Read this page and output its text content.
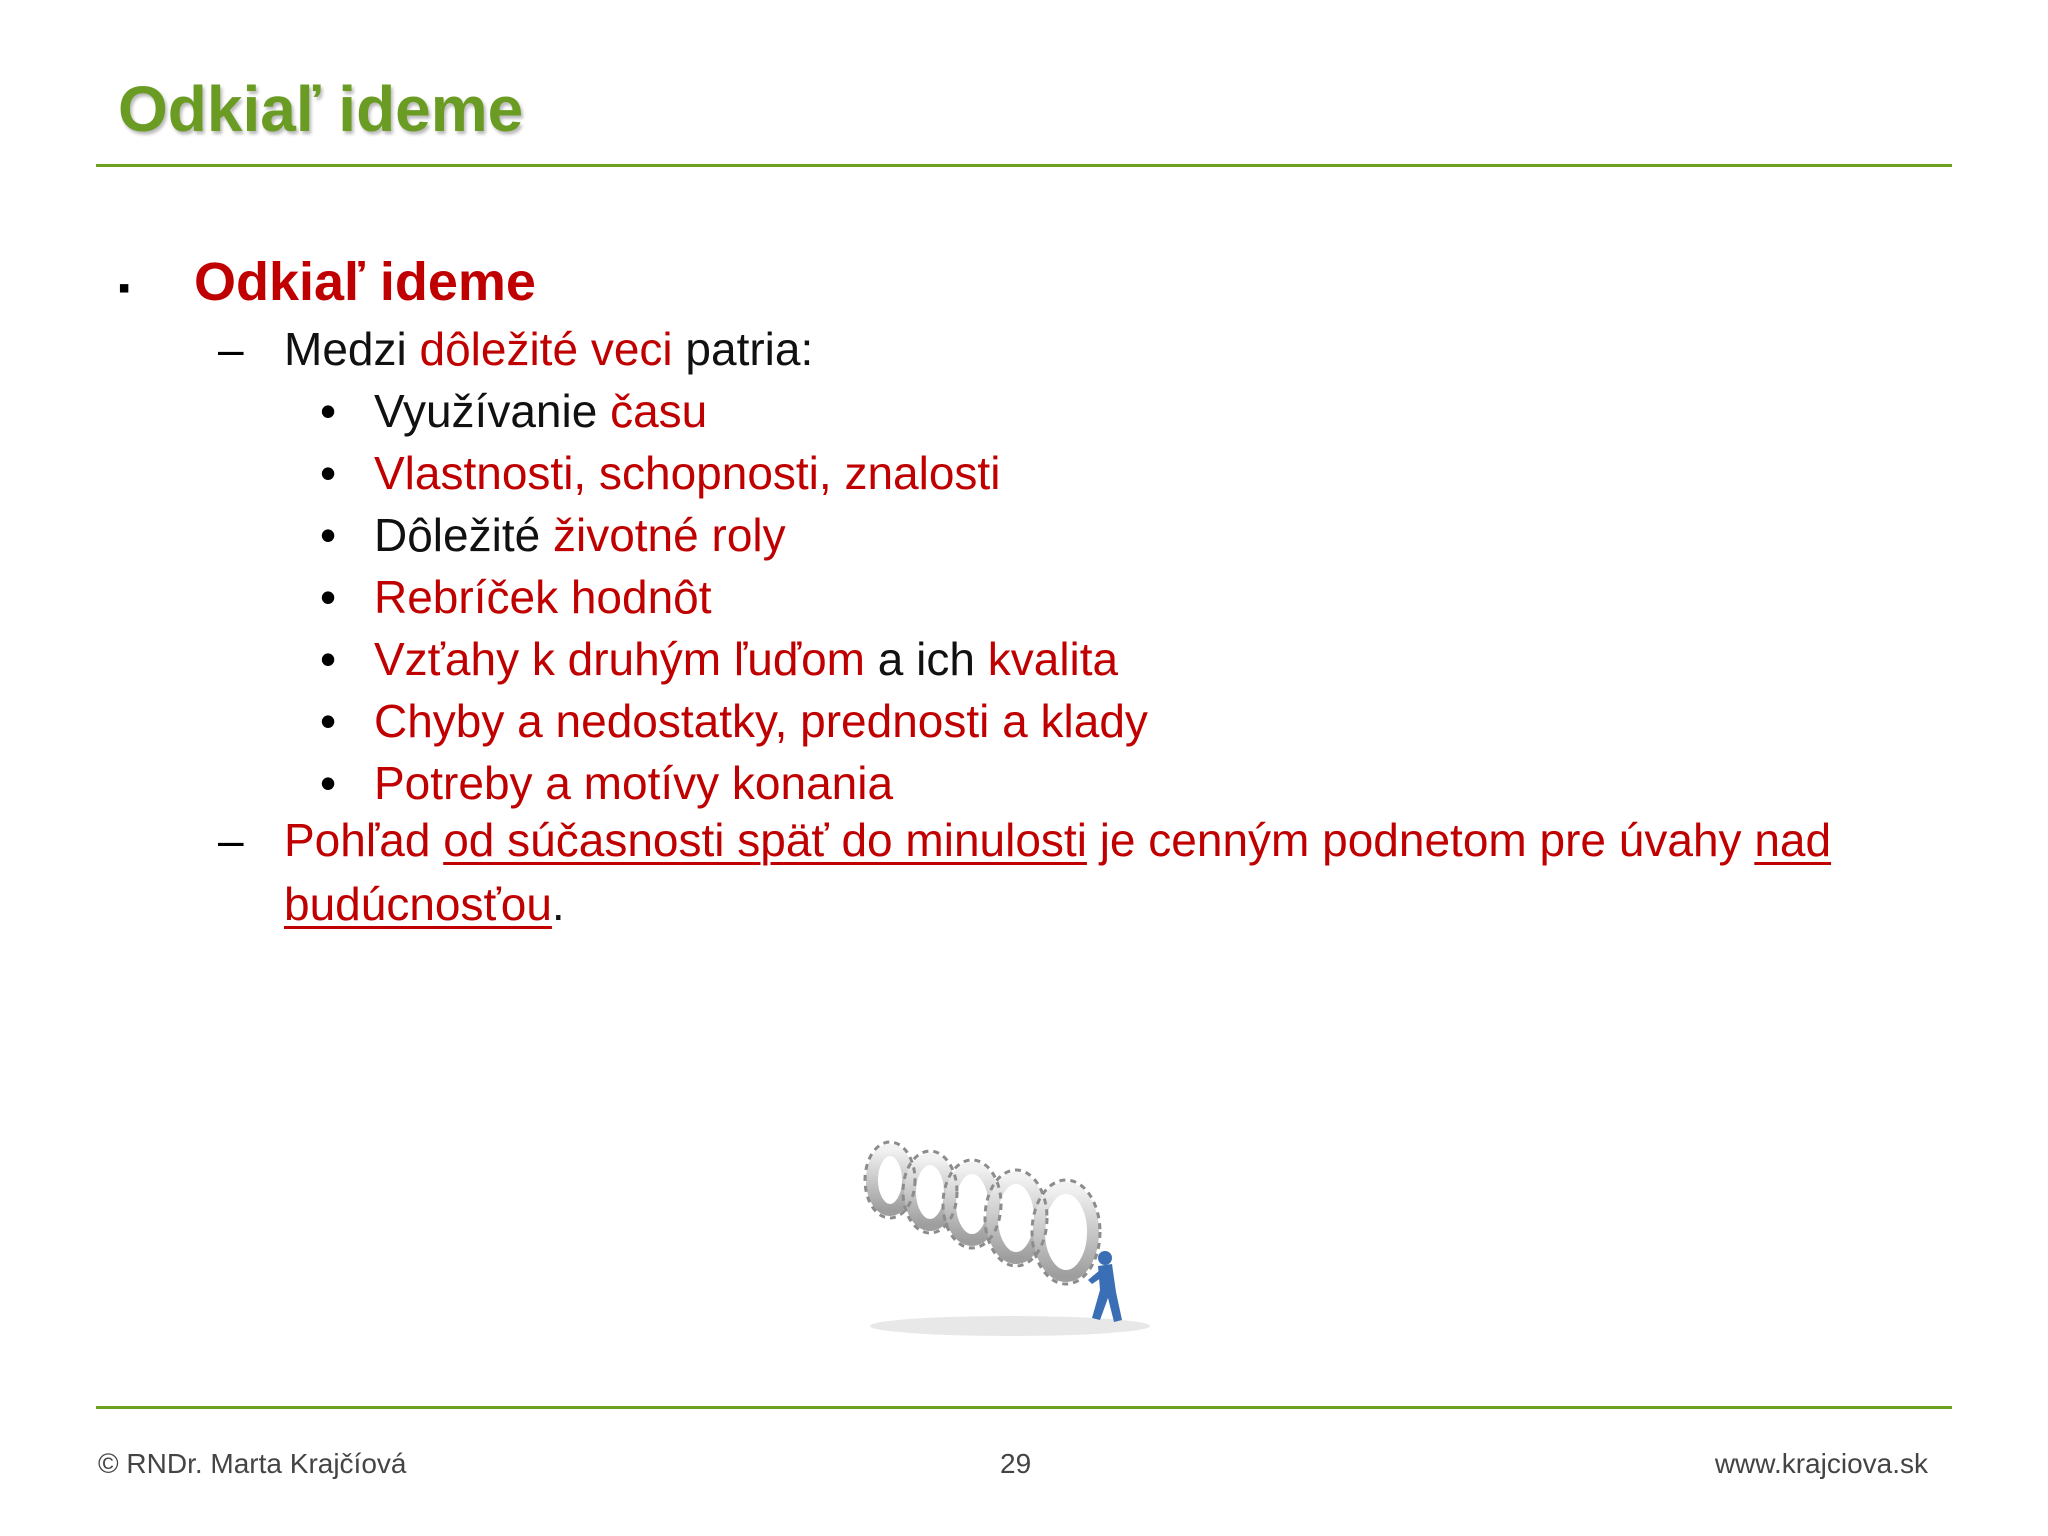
Odkiaľ ideme
▪ Odkiaľ ideme
– Medzi dôležité veci patria:
• Využívanie času
• Vlastnosti, schopnosti, znalosti
• Dôležité životné roly
• Rebríček hodnôt
• Vzťahy k druhým ľuďom a ich kvalita
• Chyby a nedostatky, prednosti a klady
• Potreby a motívy konania
– Pohľad od súčasnosti späť do minulosti je cenným podnetom pre úvahy nad budúcnosťou.
© RNDr. Marta Krajčíová	29	www.krajciova.sk
